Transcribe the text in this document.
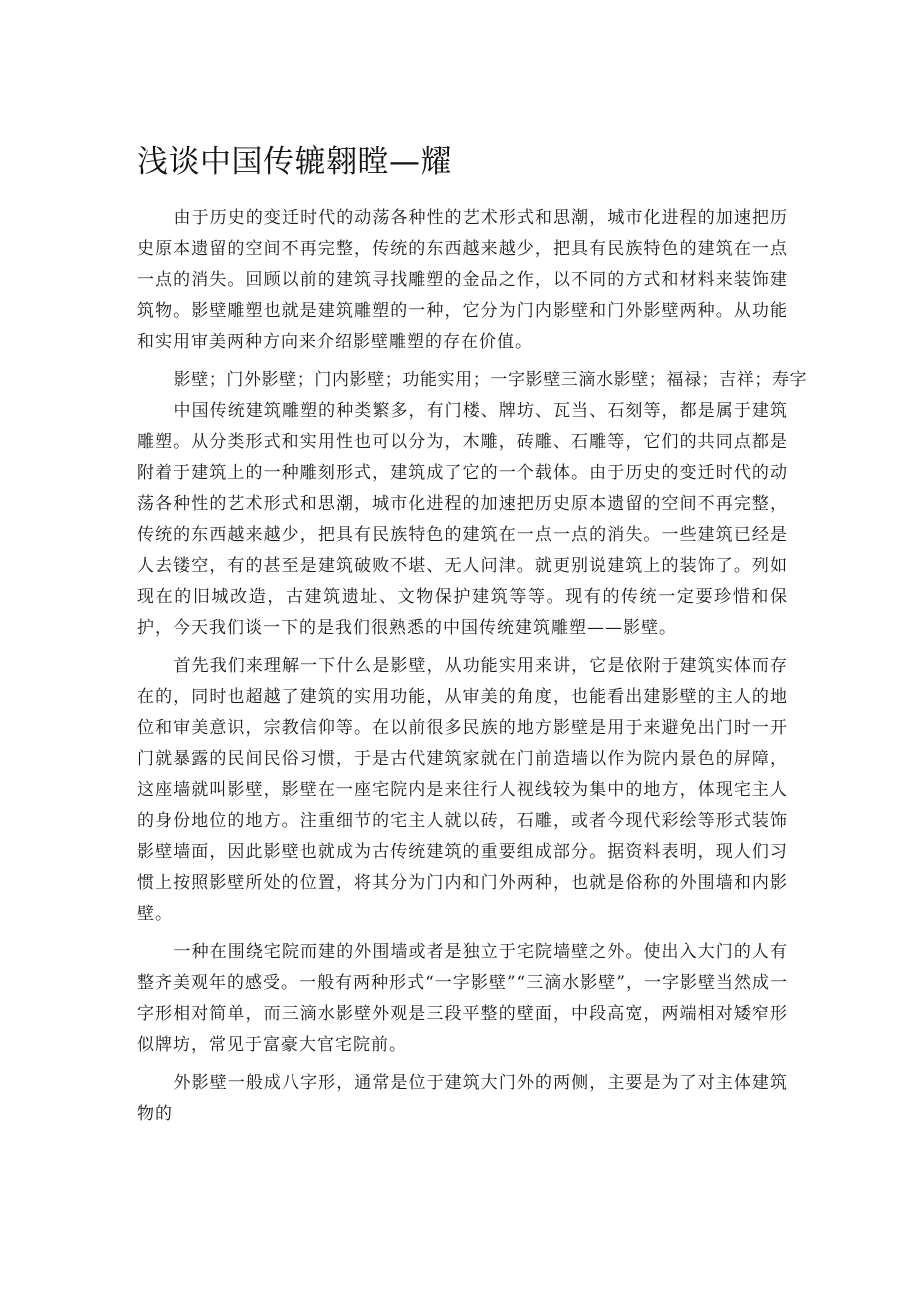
浅谈中国传辘翱瞠—耀

由于历史的变迁时代的动荡各种性的艺术形式和思潮，城市化进程的加速把历史原本遗留的空间不再完整，传统的东西越来越少，把具有民族特色的建筑在一点一点的消失。回顾以前的建筑寻找雕塑的金品之作，以不同的方式和材料来装饰建筑物。影壁雕塑也就是建筑雕塑的一种，它分为门内影壁和门外影壁两种。从功能和实用审美两种方向来介绍影壁雕塑的存在价值。

影壁；门外影壁；门内影壁；功能实用；一字影壁三滴水影壁；福禄；吉祥；寿字

中国传统建筑雕塑的种类繁多，有门楼、牌坊、瓦当、石刻等，都是属于建筑雕塑。从分类形式和实用性也可以分为，木雕，砖雕、石雕等，它们的共同点都是附着于建筑上的一种雕刻形式，建筑成了它的一个载体。由于历史的变迁时代的动荡各种性的艺术形式和思潮，城市化进程的加速把历史原本遗留的空间不再完整，传统的东西越来越少，把具有民族特色的建筑在一点一点的消失。一些建筑已经是人去镂空，有的甚至是建筑破败不堪、无人问津。就更别说建筑上的装饰了。列如现在的旧城改造，古建筑遗址、文物保护建筑等等。现有的传统一定要珍惜和保护，今天我们谈一下的是我们很熟悉的中国传统建筑雕塑——影壁。

首先我们来理解一下什么是影壁，从功能实用来讲，它是依附于建筑实体而存在的，同时也超越了建筑的实用功能，从审美的角度，也能看出建影壁的主人的地位和审美意识，宗教信仰等。在以前很多民族的地方影壁是用于来避免出门时一开门就暴露的民间民俗习惯，于是古代建筑家就在门前造墙以作为院内景色的屏障，这座墙就叫影壁，影壁在一座宅院内是来往行人视线较为集中的地方，体现宅主人的身份地位的地方。注重细节的宅主人就以砖，石雕，或者今现代彩绘等形式装饰影壁墙面，因此影壁也就成为古传统建筑的重要组成部分。据资料表明，现人们习惯上按照影壁所处的位置，将其分为门内和门外两种，也就是俗称的外围墙和内影壁。

一种在围绕宅院而建的外围墙或者是独立于宅院墙壁之外。使出入大门的人有整齐美观年的感受。一般有两种形式“一字影壁”“三滴水影壁”，一字影壁当然成一字形相对简单，而三滴水影壁外观是三段平整的壁面，中段高宽，两端相对矮窄形似牌坊，常见于富豪大官宅院前。

外影壁一般成八字形，通常是位于建筑大门外的两侧，主要是为了对主体建筑物的
